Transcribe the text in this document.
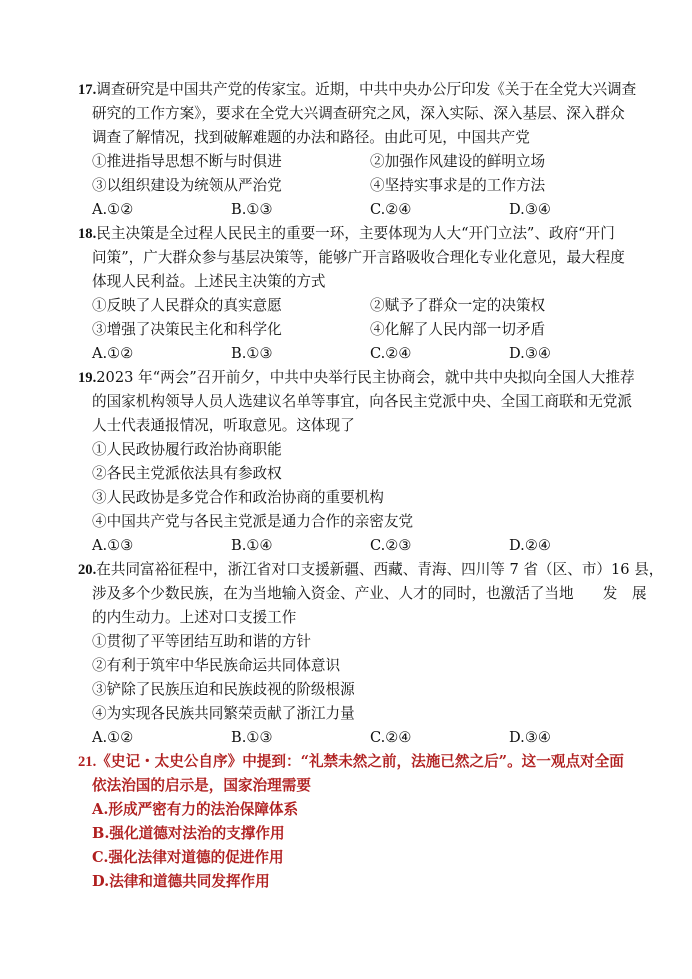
17.调查研究是中国共产党的传家宝。近期，中共中央办公厅印发《关于在全党大兴调查
研究的工作方案》，要求在全党大兴调查研究之风，深入实际、深入基层、深入群众
调查了解情况，找到破解难题的办法和路径。由此可见，中国共产党
①推进指导思想不断与时俱进	②加强作风建设的鲜明立场
③以组织建设为统领从严治党	④坚持实事求是的工作方法
A.①②	B.①③	C.②④	D.③④
18.民主决策是全过程人民民主的重要一环，主要体现为人大“开门立法”、政府“开门
问策”，广大群众参与基层决策等，能够广开言路吸收合理化专业化意见，最大程度
体现人民利益。上述民主决策的方式
①反映了人民群众的真实意愿	②赋予了群众一定的决策权
③增强了决策民主化和科学化	④化解了人民内部一切矛盾
A.①②	B.①③	C.②④	D.③④
19.2023 年“两会”召开前夕，中共中央举行民主协商会，就中共中央拟向全国人大推荐
的国家机构领导人员人选建议名单等事宜，向各民主党派中央、全国工商联和无党派
人士代表通报情况，听取意见。这体现了
①人民政协履行政治协商职能
②各民主党派依法具有参政权
③人民政协是多党合作和政治协商的重要机构
④中国共产党与各民主党派是通力合作的亲密友党
A.①③	B.①④	C.②③	D.②④
20.在共同富裕征程中，浙江省对口支援新疆、西藏、青海、四川等 7 省（区、市）16 县，
涉及多个少数民族，在为当地输入资金、产业、人才的同时，也激活了当地　　发　展
的内生动力。上述对口支援工作
①贯彻了平等团结互助和谐的方针
②有利于筑牢中华民族命运共同体意识
③铲除了民族压迫和民族歧视的阶级根源
④为实现各民族共同繁荣贡献了浙江力量
A.①②	B.①③	C.②④	D.③④
21.《史记・太史公自序》中提到：“礼禁未然之前，法施已然之后”。这一观点对全面
依法治国的启示是，国家治理需要
A.形成严密有力的法治保障体系
B.强化道德对法治的支撑作用
C.强化法律对道德的促进作用
D.法律和道德共同发挥作用
